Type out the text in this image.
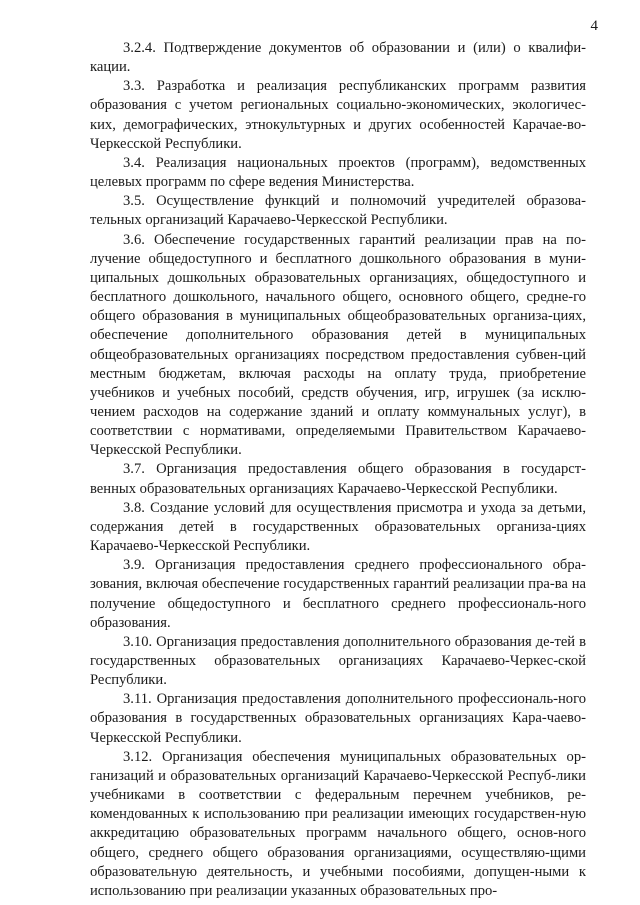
4

3.2.4. Подтверждение документов об образовании и (или) о квалифи-кации.

3.3. Разработка и реализация республиканских программ развития образования с учетом региональных социально-экономических, экологичес-ких, демографических, этнокультурных и других особенностей Карачае-во-Черкесской Республики.

3.4. Реализация национальных проектов (программ), ведомственных целевых программ по сфере ведения Министерства.

3.5. Осуществление функций и полномочий учредителей образова-тельных организаций Карачаево-Черкесской Республики.

3.6. Обеспечение государственных гарантий реализации прав на по-лучение общедоступного и бесплатного дошкольного образования в муни-ципальных дошкольных образовательных организациях, общедоступного и бесплатного дошкольного, начального общего, основного общего, средне-го общего образования в муниципальных общеобразовательных организа-циях, обеспечение дополнительного образования детей в муниципальных общеобразовательных организациях посредством предоставления субвен-ций местным бюджетам, включая расходы на оплату труда, приобретение учебников и учебных пособий, средств обучения, игр, игрушек (за исклю-чением расходов на содержание зданий и оплату коммунальных услуг), в соответствии с нормативами, определяемыми Правительством Карачаево-Черкесской Республики.

3.7. Организация предоставления общего образования в государст-венных образовательных организациях Карачаево-Черкесской Республики.

3.8. Создание условий для осуществления присмотра и ухода за детьми, содержания детей в государственных образовательных организа-циях Карачаево-Черкесской Республики.

3.9. Организация предоставления среднего профессионального обра-зования, включая обеспечение государственных гарантий реализации пра-ва на получение общедоступного и бесплатного среднего профессиональ-ного образования.

3.10. Организация предоставления дополнительного образования де-тей в государственных образовательных организациях Карачаево-Черкес-ской Республики.

3.11. Организация предоставления дополнительного профессиональ-ного образования в государственных образовательных организациях Кара-чаево-Черкесской Республики.

3.12. Организация обеспечения муниципальных образовательных ор-ганизаций и образовательных организаций Карачаево-Черкесской Респуб-лики учебниками в соответствии с федеральным перечнем учебников, ре-комендованных к использованию при реализации имеющих государствен-ную аккредитацию образовательных программ начального общего, основ-ного общего, среднего общего образования организациями, осуществляю-щими образовательную деятельность, и учебными пособиями, допущен-ными к использованию при реализации указанных образовательных про-
